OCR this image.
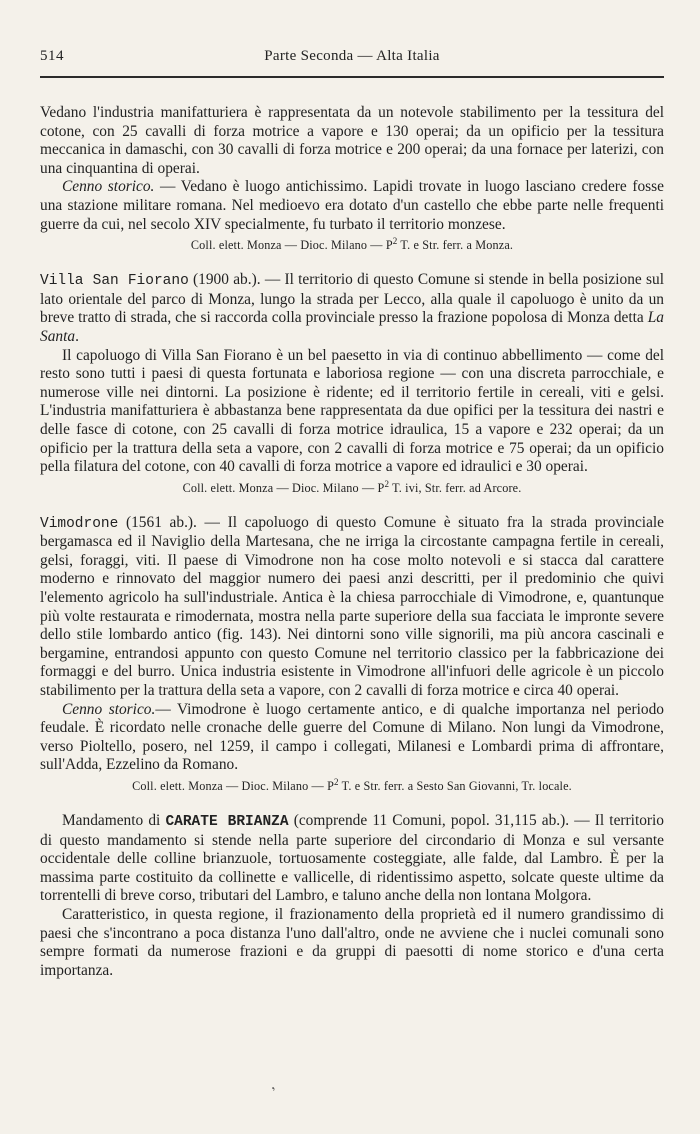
514	Parte Seconda — Alta Italia

Vedano l'industria manifatturiera è rappresentata da un notevole stabilimento per la tessitura del cotone, con 25 cavalli di forza motrice a vapore e 130 operai; da un opificio per la tessitura meccanica in damaschi, con 30 cavalli di forza motrice e 200 operai; da una fornace per laterizi, con una cinquantina di operai.

Cenno storico. — Vedano è luogo antichissimo. Lapidi trovate in luogo lasciano credere fosse una stazione militare romana. Nel medioevo era dotato d'un castello che ebbe parte nelle frequenti guerre da cui, nel secolo XIV specialmente, fu turbato il territorio monzese.

Coll. elett. Monza — Dioc. Milano — $P^2$ T. e Str. ferr. a Monza.

Villa San Fiorano (1900 ab.). — Il territorio di questo Comune si stende in bella posizione sul lato orientale del parco di Monza, lungo la strada per Lecco, alla quale il capoluogo è unito da un breve tratto di strada, che si raccorda colla provinciale presso la frazione popolosa di Monza detta La Santa.

Il capoluogo di Villa San Fiorano è un bel paesetto in via di continuo abbellimento — come del resto sono tutti i paesi di questa fortunata e laboriosa regione — con una discreta parrocchiale, e numerose ville nei dintorni. La posizione è ridente; ed il territorio fertile in cereali, viti e gelsi. L'industria manifatturiera è abbastanza bene rappresentata da due opifici per la tessitura dei nastri e delle fasce di cotone, con 25 cavalli di forza motrice idraulica, 15 a vapore e 232 operai; da un opificio per la trattura della seta a vapore, con 2 cavalli di forza motrice e 75 operai; da un opificio pella filatura del cotone, con 40 cavalli di forza motrice a vapore ed idraulici e 30 operai.

Coll. elett. Monza — Dioc. Milano — $P^2$ T. ivi, Str. ferr. ad Arcore.

Vimodrone (1561 ab.). — Il capoluogo di questo Comune è situato fra la strada provinciale bergamasca ed il Naviglio della Martesana, che ne irriga la circostante campagna fertile in cereali, gelsi, foraggi, viti. Il paese di Vimodrone non ha cose molto notevoli e si stacca dal carattere moderno e rinnovato del maggior numero dei paesi anzi descritti, per il predominio che quivi l'elemento agricolo ha sull'industriale. Antica è la chiesa parrocchiale di Vimodrone, e, quantunque più volte restaurata e rimodernata, mostra nella parte superiore della sua facciata le impronte severe dello stile lombardo antico (fig. 143). Nei dintorni sono ville signorili, ma più ancora cascinali e bergamine, entrandosi appunto con questo Comune nel territorio classico per la fabbricazione dei formaggi e del burro. Unica industria esistente in Vimodrone all'infuori delle agricole è un piccolo stabilimento per la trattura della seta a vapore, con 2 cavalli di forza motrice e circa 40 operai.

Cenno storico.— Vimodrone è luogo certamente antico, e di qualche importanza nel periodo feudale. È ricordato nelle cronache delle guerre del Comune di Milano. Non lungi da Vimodrone, verso Pioltello, posero, nel 1259, il campo i collegati, Milanesi e Lombardi prima di affrontare, sull'Adda, Ezzelino da Romano.

Coll. elett. Monza — Dioc. Milano — $P^2$ T. e Str. ferr. a Sesto San Giovanni, Tr. locale.

Mandamento di CARATE BRIANZA (comprende 11 Comuni, popol. 31,115 ab.). — Il territorio di questo mandamento si stende nella parte superiore del circondario di Monza e sul versante occidentale delle colline brianzuole, tortuosamente costeggiate, alle falde, dal Lambro. È per la massima parte costituito da collinette e vallicelle, di ridentissimo aspetto, solcate queste ultime da torrentelli di breve corso, tributari del Lambro, e taluno anche della non lontana Molgora.

Caratteristico, in questa regione, il frazionamento della proprietà ed il numero grandissimo di paesi che s'incontrano a poca distanza l'uno dall'altro, onde ne avviene che i nuclei comunali sono sempre formati da numerose frazioni e da gruppi di paesotti di nome storico e d'una certa importanza.

,
